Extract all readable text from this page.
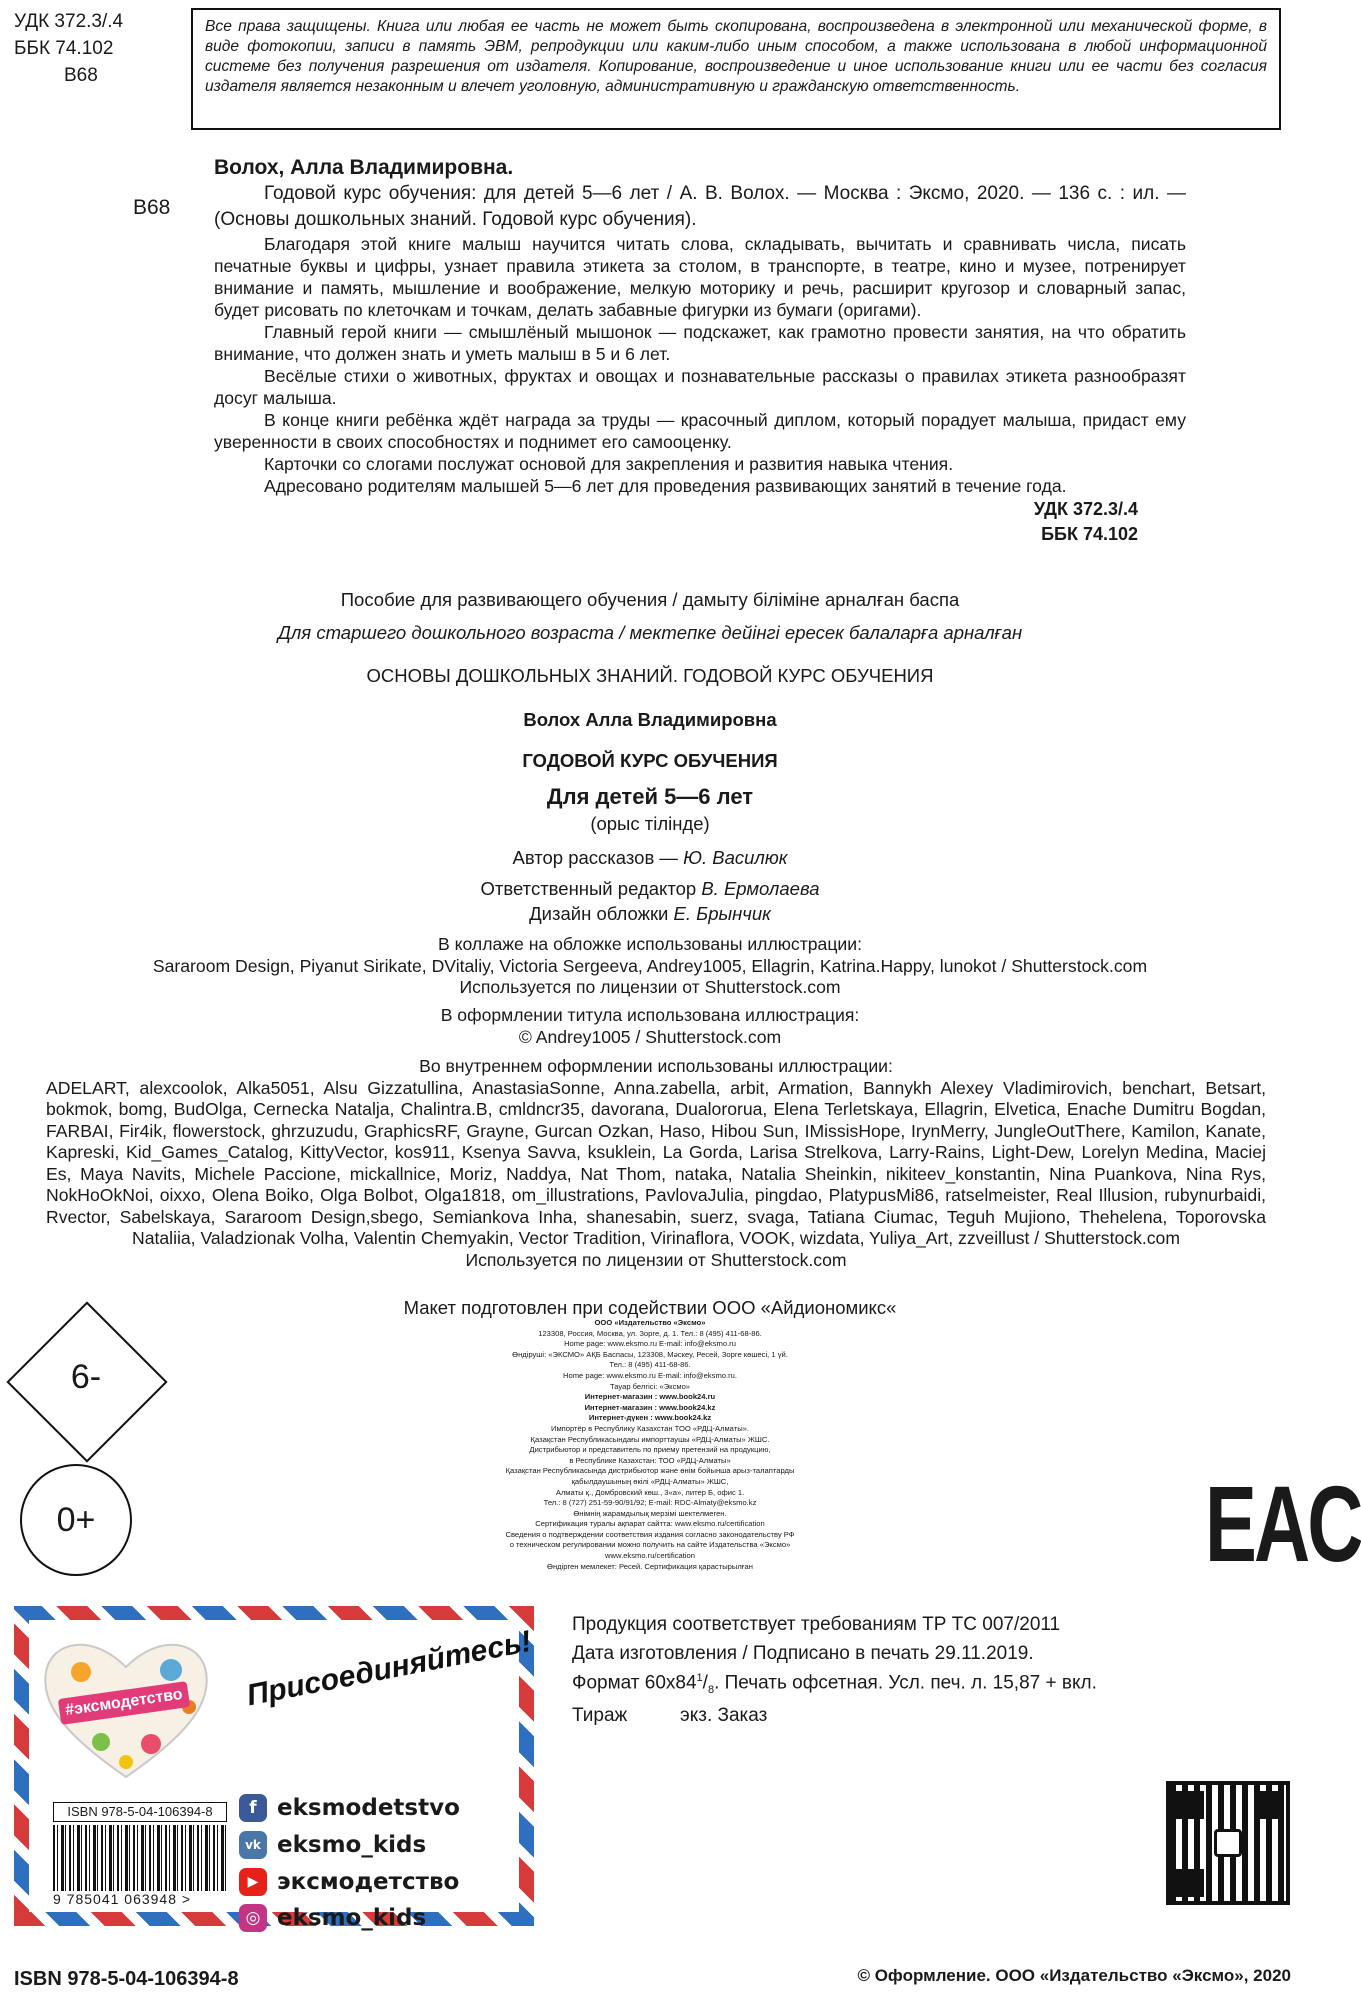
УДК 372.3/.4
ББК 74.102
В68
Все права защищены. Книга или любая ее часть не может быть скопирована, воспроизведена в электронной или механической форме, в виде фотокопии, записи в память ЭВМ, репродукции или каким-либо иным способом, а также использована в любой информационной системе без получения разрешения от издателя. Копирование, воспроизведение и иное использование книги или ее части без согласия издателя является незаконным и влечет уголовную, административную и гражданскую ответственность.
В68

Волох, Алла Владимировна.

Годовой курс обучения: для детей 5—6 лет / А. В. Волох. — Москва : Эксмо, 2020. — 136 с. : ил. — (Основы дошкольных знаний. Годовой курс обучения).

Благодаря этой книге малыш научится читать слова, складывать, вычитать и сравнивать числа, писать печатные буквы и цифры, узнает правила этикета за столом, в транспорте, в театре, кино и музее, потренирует внимание и память, мышление и воображение, мелкую моторику и речь, расширит кругозор и словарный запас, будет рисовать по клеточкам и точкам, делать забавные фигурки из бумаги (оригами).

Главный герой книги — смышлёный мышонок — подскажет, как грамотно провести занятия, на что обратить внимание, что должен знать и уметь малыш в 5 и 6 лет.

Весёлые стихи о животных, фруктах и овощах и познавательные рассказы о правилах этикета разнообразят досуг малыша.

В конце книги ребёнка ждёт награда за труды — красочный диплом, который порадует малыша, придаст ему уверенности в своих способностях и поднимет его самооценку.

Карточки со слогами послужат основой для закрепления и развития навыка чтения.

Адресовано родителям малышей 5—6 лет для проведения развивающих занятий в течение года.

УДК 372.3/.4
ББК 74.102
Пособие для развивающего обучения / дамыту біліміне арналған баспа
Для старшего дошкольного возраста / мектепке дейінгі ересек балаларға арналған
ОСНОВЫ ДОШКОЛЬНЫХ ЗНАНИЙ. ГОДОВОЙ КУРС ОБУЧЕНИЯ
Волох Алла Владимировна
ГОДОВОЙ КУРС ОБУЧЕНИЯ
Для детей 5—6 лет
(орыс тілінде)
Автор рассказов — Ю. Василюк
Ответственный редактор В. Ермолаева
Дизайн обложки Е. Брынчик
В коллаже на обложке использованы иллюстрации:
Sararoom Design, Piyanut Sirikate, DVitaliy, Victoria Sergeeva, Andrey1005, Ellagrin, Katrina.Happy, lunokot / Shutterstock.com
Используется по лицензии от Shutterstock.com
В оформлении титула использована иллюстрация:
© Andrey1005 / Shutterstock.com
Во внутреннем оформлении использованы иллюстрации:
ADELART, alexcoolok, Alka5051, Alsu Gizzatullina, AnastasiaSonne, Anna.zabella, arbit, Armation, Bannykh Alexey Vladimirovich, benchart, Betsart, bokmok, bomg, BudOlga, Cernecka Natalja, Chalintra.B, cmldncr35, davorana, Dualororua, Elena Terletskaya, Ellagrin, Elvetica, Enache Dumitru Bogdan, FARBAI, Fir4ik, flowerstock, ghrzuzudu, GraphicsRF, Grayne, Gurcan Ozkan, Haso, Hibou Sun, IMissisHope, IrynMerry, JungleOutThere, Kamilon, Kanate, Kapreski, Kid_Games_Catalog, KittyVector, kos911, Ksenya Savva, ksuklein, La Gorda, Larisa Strelkova, Larry-Rains, Light-Dew, Lorelyn Medina, Maciej Es, Maya Navits, Michele Paccione, mickallnice, Moriz, Naddya, Nat Thom, nataka, Natalia Sheinkin, nikiteev_konstantin, Nina Puankova, Nina Rys, NokHoOkNoi, oixxo, Olena Boiko, Olga Bolbot, Olga1818, om_illustrations, PavlovaJulia, pingdao, PlatypusMi86, ratselmeister, Real Illusion, rubynurbaidi, Rvector, Sabelskaya, Sararoom Design,sbego, Semiankova Inha, shanesabin, suerz, svaga, Tatiana Ciumac, Teguh Mujiono, Thehelena, Toporovska Nataliia, Valadzionak Volha, Valentin Chemyakin, Vector Tradition, Virinaflora, VOOK, wizdata, Yuliya_Art, zzveillust / Shutterstock.com
Используется по лицензии от Shutterstock.com
Макет подготовлен при содействии ООО «Айдиономикс«
ООО «Издательство «Эксмо»
123308, Россия, Москва, ул. Зорге, д. 1. Тел.: 8 (495) 411-68-86.
Home page: www.eksmo.ru E-mail: info@eksmo.ru
Өндіруші: «ЭКСМО» АҚБ Баспасы, 123308, Мәскеу, Ресей, Зорге көшесі, 1 үй.
Тел.: 8 (495) 411-68-86.
Home page: www.eksmo.ru E-mail: info@eksmo.ru.
Тауар белгісі: «Эксмо»
Интернет-магазин : www.book24.ru
Интернет-магазин : www.book24.kz
Интернет-дүкен : www.book24.kz
Импортёр в Республику Казахстан ТОО «РДЦ-Алматы».
Қазақстан Республикасындағы импорттаушы «РДЦ-Алматы» ЖШС.
Дистрибьютор и представитель по приему претензий на продукцию,
в Республике Казахстан: ТОО «РДЦ-Алматы»
Қазақстан Республикасында дистрибьютор және өнім бойынша арыз-талаптарды
қабылдаушының өкілі «РДЦ-Алматы» ЖШС,
Алматы қ., Домбровский көш., 3«а», литер Б, офис 1.
Тел.: 8 (727) 251-59-90/91/92; E-mail: RDC-Almaty@eksmo.kz
Өнімнің жарамдылық мерзімі шектелмеген.
Сертификация туралы ақпарат сайтта: www.eksmo.ru/certification
Сведения о подтверждении соответствия издания согласно законодательству РФ
о техническом регулировании можно получить на сайте Издательства «Эксмо»
www.eksmo.ru/certification
Өндірген мемлекет: Ресей. Сертификация қарастырылған
6-
0+	EAC
Продукция соответствует требованиям ТР ТС 007/2011
Дата изготовления / Подписано в печать 29.11.2019.
Формат $60х84^1/_8$. Печать офсетная. Усл. печ. л. 15,87 + вкл.
Тираж          экз. Заказ
#эксмодетство Присоединяйтесь!
f eksmodetstvo
vk eksmo_kids
▶ эксмодетство
◎ eksmo_kids
ISBN 978-5-04-106394-8
9 785041 063948 >
ISBN 978-5-04-106394-8	© Оформление. ООО «Издательство «Эксмо», 2020
